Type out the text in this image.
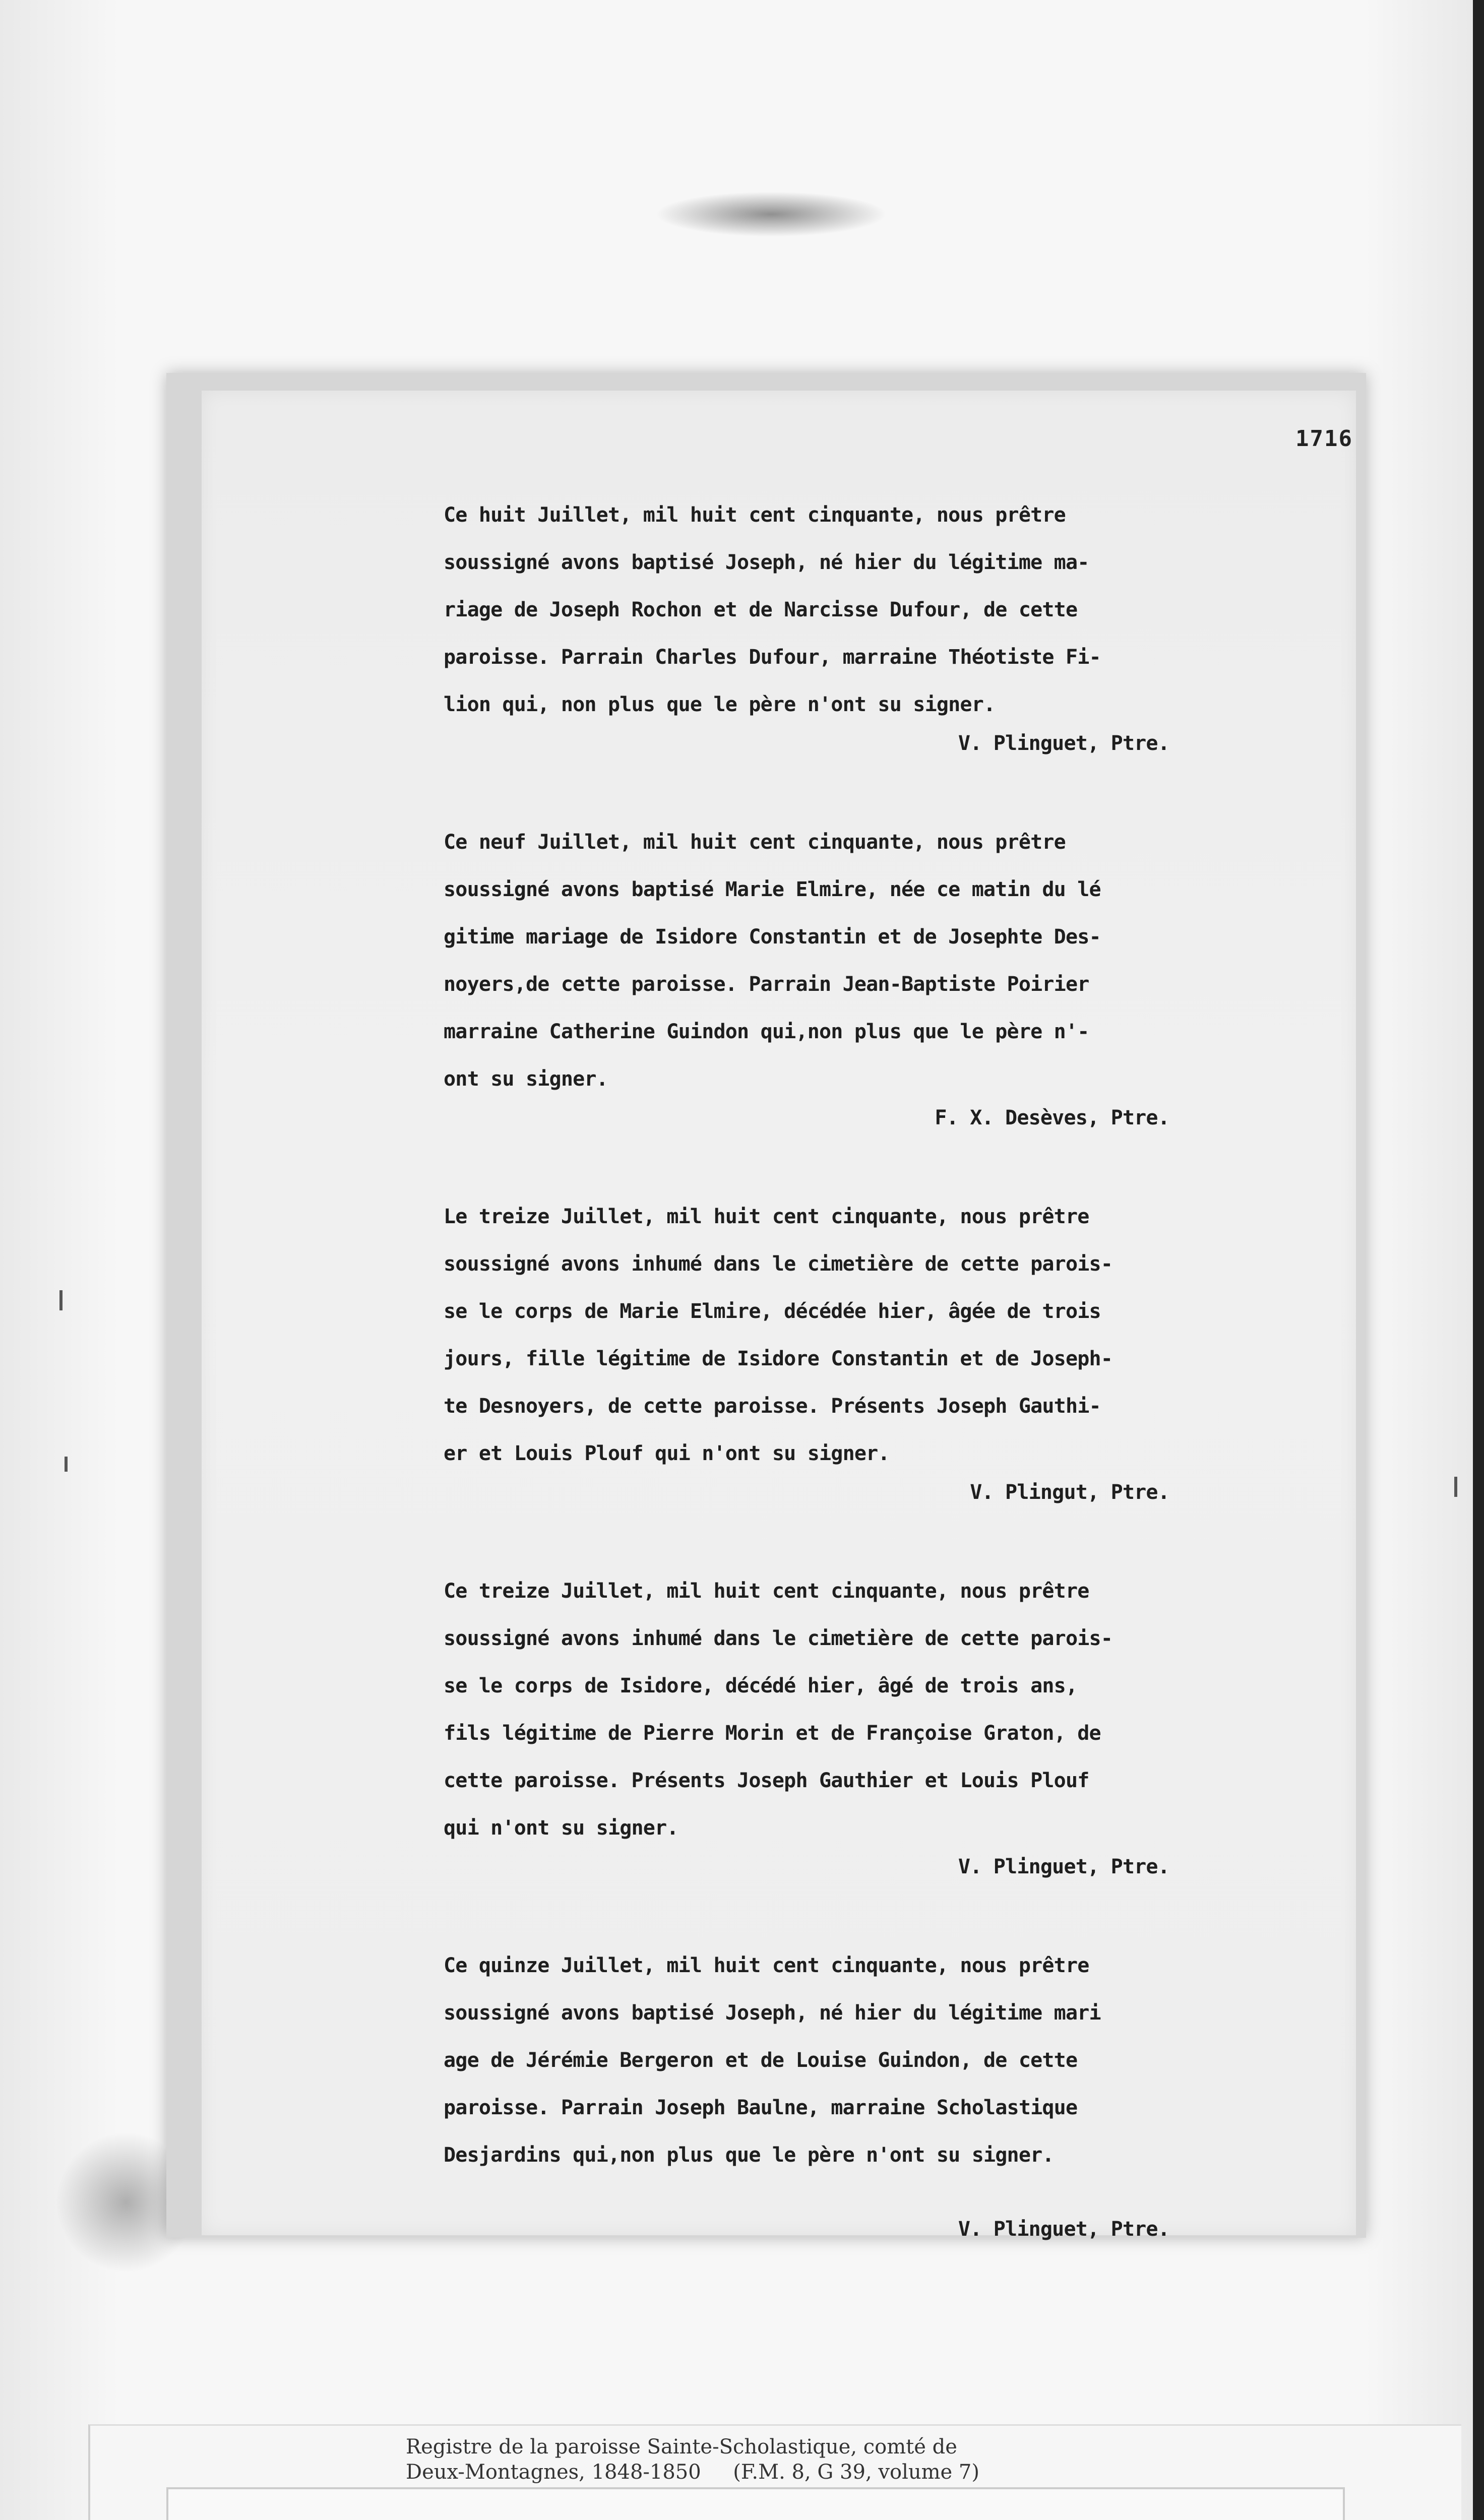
1716
Ce huit Juillet, mil huit cent cinquante, nous prêtre
soussigné avons baptisé Joseph, né hier du légitime ma-
riage de Joseph Rochon et de Narcisse Dufour, de cette
paroisse. Parrain Charles Dufour, marraine Théotiste Fi-
lion qui, non plus que le père n'ont su signer.
V. Plinguet, Ptre.
Ce neuf Juillet, mil huit cent cinquante, nous prêtre
soussigné avons baptisé Marie Elmire, née ce matin du lé
gitime mariage de Isidore Constantin et de Josephte Des-
noyers,de cette paroisse. Parrain Jean-Baptiste Poirier
marraine Catherine Guindon qui,non plus que le père n'-
ont su signer.
F. X. Desèves, Ptre.
Le treize Juillet, mil huit cent cinquante, nous prêtre
soussigné avons inhumé dans le cimetière de cette parois-
se le corps de Marie Elmire, décédée hier, âgée de trois
jours, fille légitime de Isidore Constantin et de Joseph-
te Desnoyers, de cette paroisse. Présents Joseph Gauthi-
er et Louis Plouf qui n'ont su signer.
V. Plingut, Ptre.
Ce treize Juillet, mil huit cent cinquante, nous prêtre
soussigné avons inhumé dans le cimetière de cette parois-
se le corps de Isidore, décédé hier, âgé de trois ans,
fils légitime de Pierre Morin et de Françoise Graton, de
cette paroisse. Présents Joseph Gauthier et Louis Plouf
qui n'ont su signer.
V. Plinguet, Ptre.
Ce quinze Juillet, mil huit cent cinquante, nous prêtre
soussigné avons baptisé Joseph, né hier du légitime mari
age de Jérémie Bergeron et de Louise Guindon, de cette
paroisse. Parrain Joseph Baulne, marraine Scholastique
Desjardins qui,non plus que le père n'ont su signer.
V. Plinguet, Ptre.
Registre de la paroisse Sainte-Scholastique, comté de
Deux-Montagnes, 1848-1850     (F.M. 8, G 39, volume 7)
